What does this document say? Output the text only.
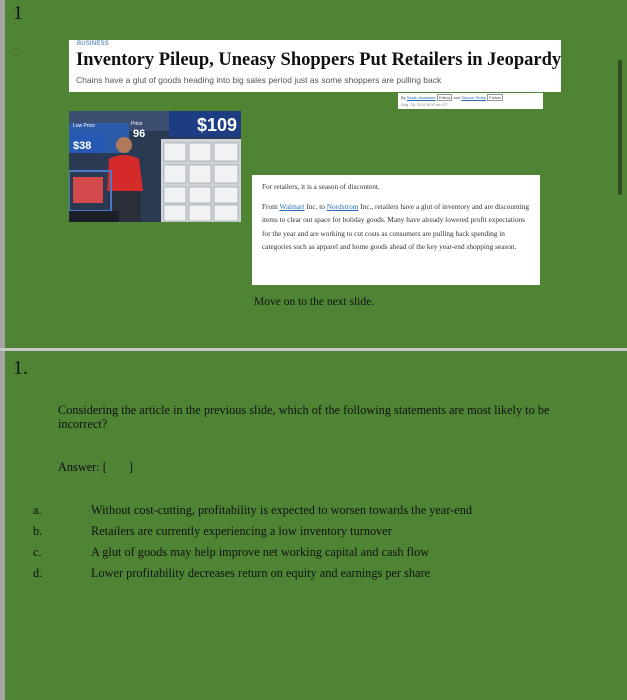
1
.	BUSINESS
Inventory Pileup, Uneasy Shoppers Put Retailers in Jeopardy
Chains have a glut of goods heading into big sales period just as some shoppers are pulling back
By Sarah Nassauer Follow and Sharon Terlep Follow
Aug. 28, 2022 8:00 am ET
$109
$38
96
Low Price	Price
For retailers, it is a season of discontent.
From Walmart Inc. to Nordstrom Inc., retailers have a glut of inventory and are discounting items to clear out space for holiday goods. Many have already lowered profit expectations for the year and are working to cut costs as consumers are pulling back spending in categories such as apparel and home goods ahead of the key year-end shopping season.
Move on to the next slide.
1.
Considering the article in the previous slide, which of the following statements are most likely to be incorrect?
Answer: [ ]
a.	Without cost-cutting, profitability is expected to worsen towards the year-end
b.	Retailers are currently experiencing a low inventory turnover
c.	A glut of goods may help improve net working capital and cash flow
d.	Lower profitability decreases return on equity and earnings per share
